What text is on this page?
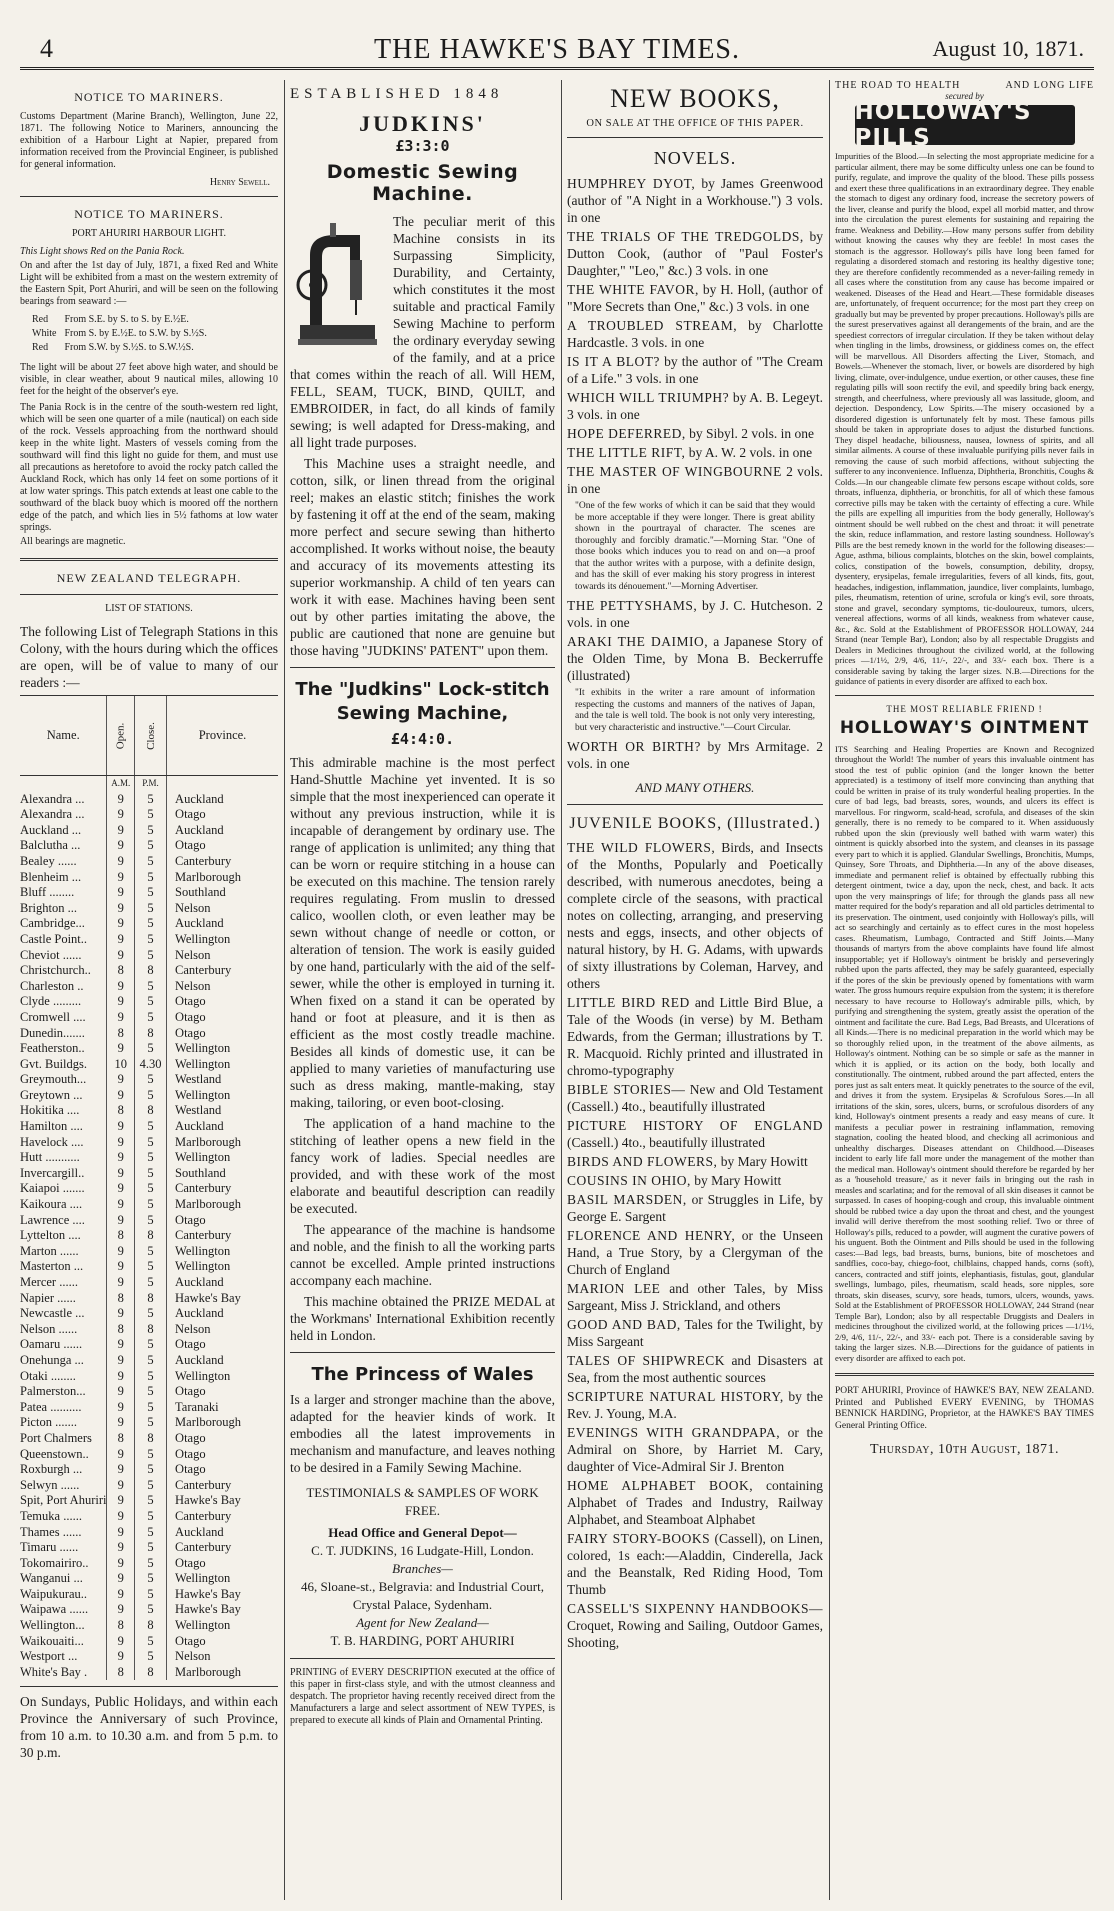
4	THE HAWKE'S BAY TIMES.	August 10, 1871.
NOTICE TO MARINERS.

Customs Department (Marine Branch), Wellington, June 22, 1871. The following Notice to Mariners, announcing the exhibition of a Harbour Light at Napier, prepared from information received from the Provincial Engineer, is published for general information.

Henry Sewell.
NOTICE TO MARINERS.
PORT AHURIRI HARBOUR LIGHT.
This Light shows Red on the Pania Rock.

On and after the 1st day of July, 1871, a fixed Red and White Light will be exhibited from a mast on the western extremity of the Eastern Spit, Port Ahuriri, and will be seen on the following bearings from seaward :—

Red	From S.E. by S. to S. by E.½E.
White	From S. by E.½E. to S.W. by S.½S.
Red	From S.W. by S.½S. to S.W.½S.

The light will be about 27 feet above high water, and should be visible, in clear weather, about 9 nautical miles, allowing 10 feet for the height of the observer's eye.

The Pania Rock is in the centre of the south-western red light, which will be seen one quarter of a mile (nautical) on each side of the rock. Vessels approaching from the northward should keep in the white light. Masters of vessels coming from the southward will find this light no guide for them, and must use all precautions as heretofore to avoid the rocky patch called the Auckland Rock, which has only 14 feet on some portions of it at low water springs. This patch extends at least one cable to the southward of the black buoy which is moored off the northern edge of the patch, and which lies in 5½ fathoms at low water springs.

All bearings are magnetic.

NEW ZEALAND TELEGRAPH.
LIST OF STATIONS.

The following List of Telegraph Stations in this Colony, with the hours during which the offices are open, will be of value to many of our readers :—

Name.	Open.	Close.	Province.
	A.M.	P.M.	
Alexandra ...	9	5	Auckland
Alexandra ...	9	5	Otago
Auckland ...	9	5	Auckland
Balclutha ...	9	5	Otago
Bealey ......	9	5	Canterbury
Blenheim ...	9	5	Marlborough
Bluff ........	9	5	Southland
Brighton ...	9	5	Nelson
Cambridge...	9	5	Auckland
Castle Point..	9	5	Wellington
Cheviot ......	9	5	Nelson
Christchurch..	8	8	Canterbury
Charleston ..	9	5	Nelson
Clyde .........	9	5	Otago
Cromwell ....	9	5	Otago
Dunedin.......	8	8	Otago
Featherston..	9	5	Wellington
Gvt. Buildgs.	10	4.30	Wellington
Greymouth...	9	5	Westland
Greytown ...	9	5	Wellington
Hokitika ....	8	8	Westland
Hamilton ....	9	5	Auckland
Havelock ....	9	5	Marlborough
Hutt ...........	9	5	Wellington
Invercargill..	9	5	Southland
Kaiapoi .......	9	5	Canterbury
Kaikoura ....	9	5	Marlborough
Lawrence ....	9	5	Otago
Lyttelton ....	8	8	Canterbury
Marton ......	9	5	Wellington
Masterton ...	9	5	Wellington
Mercer ......	9	5	Auckland
Napier ......	8	8	Hawke's Bay
Newcastle ...	9	5	Auckland
Nelson ......	8	8	Nelson
Oamaru ......	9	5	Otago
Onehunga ...	9	5	Auckland
Otaki ........	9	5	Wellington
Palmerston...	9	5	Otago
Patea ..........	9	5	Taranaki
Picton .......	9	5	Marlborough
Port Chalmers	8	8	Otago
Queenstown..	9	5	Otago
Roxburgh ...	9	5	Otago
Selwyn ......	9	5	Canterbury
Spit, Port Ahuriri	9	5	Hawke's Bay
Temuka ......	9	5	Canterbury
Thames ......	9	5	Auckland
Timaru ......	9	5	Canterbury
Tokomairiro..	9	5	Otago
Wanganui ...	9	5	Wellington
Waipukurau..	9	5	Hawke's Bay
Waipawa ......	9	5	Hawke's Bay
Wellington...	8	8	Wellington
Waikouaiti...	9	5	Otago
Westport ...	9	5	Nelson
White's Bay .	8	8	Marlborough

On Sundays, Public Holidays, and within each Province the Anniversary of such Province, from 10 a.m. to 10.30 a.m. and from 5 p.m. to 30 p.m.

ESTABLISHED 1848
JUDKINS'
£3:3:0
Domestic Sewing Machine.

The peculiar merit of this Machine consists in its Surpassing Simplicity, Durability, and Certainty, which constitutes it the most suitable and practical Family Sewing Machine to perform the ordinary everyday sewing of the family, and at a price that comes within the reach of all. Will HEM, FELL, SEAM, TUCK, BIND, QUILT, and EMBROIDER, in fact, do all kinds of family sewing; is well adapted for Dress-making, and all light trade purposes.

This Machine uses a straight needle, and cotton, silk, or linen thread from the original reel; makes an elastic stitch; finishes the work by fastening it off at the end of the seam, making more perfect and secure sewing than hitherto accomplished. It works without noise, the beauty and accuracy of its movements attesting its superior workmanship. A child of ten years can work it with ease. Machines having been sent out by other parties imitating the above, the public are cautioned that none are genuine but those having "JUDKINS' PATENT" upon them.

The "Judkins" Lock-stitch Sewing Machine,
£4:4:0.

This admirable machine is the most perfect Hand-Shuttle Machine yet invented. It is so simple that the most inexperienced can operate it without any previous instruction, while it is incapable of derangement by ordinary use. The range of application is unlimited; any thing that can be worn or require stitching in a house can be executed on this machine. The tension rarely requires regulating. From muslin to dressed calico, woollen cloth, or even leather may be sewn without change of needle or cotton, or alteration of tension. The work is easily guided by one hand, particularly with the aid of the self-sewer, while the other is employed in turning it. When fixed on a stand it can be operated by hand or foot at pleasure, and it is then as efficient as the most costly treadle machine. Besides all kinds of domestic use, it can be applied to many varieties of manufacturing use such as dress making, mantle-making, stay making, tailoring, or even boot-closing.

The application of a hand machine to the stitching of leather opens a new field in the fancy work of ladies. Special needles are provided, and with these work of the most elaborate and beautiful description can readily be executed.

The appearance of the machine is handsome and noble, and the finish to all the working parts cannot be excelled. Ample printed instructions accompany each machine.

This machine obtained the PRIZE MEDAL at the Workmans' International Exhibition recently held in London.

The Princess of Wales

Is a larger and stronger machine than the above, adapted for the heavier kinds of work. It embodies all the latest improvements in mechanism and manufacture, and leaves nothing to be desired in a Family Sewing Machine.

TESTIMONIALS & SAMPLES OF WORK FREE.
Head Office and General Depot—
C. T. JUDKINS, 16 Ludgate-Hill, London.
Branches—
46, Sloane-st., Belgravia: and Industrial Court, Crystal Palace, Sydenham.
Agent for New Zealand—
T. B. HARDING, PORT AHURIRI

PRINTING of EVERY DESCRIPTION executed at the office of this paper in first-class style, and with the utmost cleanness and despatch. The proprietor having recently received direct from the Manufacturers a large and select assortment of NEW TYPES, is prepared to execute all kinds of Plain and Ornamental Printing.

NEW BOOKS,
ON SALE AT THE OFFICE OF THIS PAPER.
NOVELS.

HUMPHREY DYOT, by James Greenwood (author of "A Night in a Workhouse.") 3 vols. in one

THE TRIALS OF THE TREDGOLDS, by Dutton Cook, (author of "Paul Foster's Daughter," "Leo," &c.) 3 vols. in one

THE WHITE FAVOR, by H. Holl, (author of "More Secrets than One," &c.) 3 vols. in one

A TROUBLED STREAM, by Charlotte Hardcastle. 3 vols. in one

IS IT A BLOT? by the author of "The Cream of a Life." 3 vols. in one

WHICH WILL TRIUMPH? by A. B. Legeyt. 3 vols. in one

HOPE DEFERRED, by Sibyl. 2 vols. in one

THE LITTLE RIFT, by A. W. 2 vols. in one

THE MASTER OF WINGBOURNE 2 vols. in one

"One of the few works of which it can be said that they would be more acceptable if they were longer. There is great ability shown in the pourtrayal of character. The scenes are thoroughly and forcibly dramatic."—Morning Star. "One of those books which induces you to read on and on—a proof that the author writes with a purpose, with a definite design, and has the skill of ever making his story progress in interest towards its dénouement."—Morning Advertiser.

THE PETTYSHAMS, by J. C. Hutcheson. 2 vols. in one

ARAKI THE DAIMIO, a Japanese Story of the Olden Time, by Mona B. Beckerruffe (illustrated)

"It exhibits in the writer a rare amount of information respecting the customs and manners of the natives of Japan, and the tale is well told. The book is not only very interesting, but very characteristic and instructive."—Court Circular.

WORTH OR BIRTH? by Mrs Armitage. 2 vols. in one

AND MANY OTHERS.
JUVENILE BOOKS, (Illustrated.)

THE WILD FLOWERS, Birds, and Insects of the Months, Popularly and Poetically described, with numerous anecdotes, being a complete circle of the seasons, with practical notes on collecting, arranging, and preserving nests and eggs, insects, and other objects of natural history, by H. G. Adams, with upwards of sixty illustrations by Coleman, Harvey, and others

LITTLE BIRD RED and Little Bird Blue, a Tale of the Woods (in verse) by M. Betham Edwards, from the German; illustrations by T. R. Macquoid. Richly printed and illustrated in chromo-typography

BIBLE STORIES— New and Old Testament (Cassell.) 4to., beautifully illustrated

PICTURE HISTORY OF ENGLAND (Cassell.) 4to., beautifully illustrated

BIRDS AND FLOWERS, by Mary Howitt

COUSINS IN OHIO, by Mary Howitt

BASIL MARSDEN, or Struggles in Life, by George E. Sargent

FLORENCE AND HENRY, or the Unseen Hand, a True Story, by a Clergyman of the Church of England

MARION LEE and other Tales, by Miss Sargeant, Miss J. Strickland, and others

GOOD AND BAD, Tales for the Twilight, by Miss Sargeant

TALES OF SHIPWRECK and Disasters at Sea, from the most authentic sources

SCRIPTURE NATURAL HISTORY, by the Rev. J. Young, M.A.

EVENINGS WITH GRANDPAPA, or the Admiral on Shore, by Harriet M. Cary, daughter of Vice-Admiral Sir J. Brenton

HOME ALPHABET BOOK, containing Alphabet of Trades and Industry, Railway Alphabet, and Steamboat Alphabet

FAIRY STORY-BOOKS (Cassell), on Linen, colored, 1s each:—Aladdin, Cinderella, Jack and the Beanstalk, Red Riding Hood, Tom Thumb

CASSELL'S SIXPENNY HANDBOOKS— Croquet, Rowing and Sailing, Outdoor Games, Shooting,

THE ROAD TO HEALTH	AND LONG LIFE
secured by
HOLLOWAY'S PILLS

Impurities of the Blood.—In selecting the most appropriate medicine for a particular ailment, there may be some difficulty unless one can be found to purify, regulate, and improve the quality of the blood. These pills possess and exert these three qualifications in an extraordinary degree. They enable the stomach to digest any ordinary food, increase the secretory powers of the liver, cleanse and purify the blood, expel all morbid matter, and throw into the circulation the purest elements for sustaining and repairing the frame. Weakness and Debility.—How many persons suffer from debility without knowing the causes why they are feeble! In most cases the stomach is the aggressor. Holloway's pills have long been famed for regulating a disordered stomach and restoring its healthy digestive tone; they are therefore confidently recommended as a never-failing remedy in all cases where the constitution from any cause has become impaired or weakened. Diseases of the Head and Heart.—These formidable diseases are, unfortunately, of frequent occurrence; for the most part they creep on gradually but may be prevented by proper precautions. Holloway's pills are the surest preservatives against all derangements of the brain, and are the speediest correctors of irregular circulation. If they be taken without delay when tingling in the limbs, drowsiness, or giddiness comes on, the effect will be marvellous. All Disorders affecting the Liver, Stomach, and Bowels.—Whenever the stomach, liver, or bowels are disordered by high living, climate, over-indulgence, undue exertion, or other causes, these fine regulating pills will soon rectify the evil, and speedily bring back energy, strength, and cheerfulness, where previously all was lassitude, gloom, and dejection. Despondency, Low Spirits.—The misery occasioned by a disordered digestion is unfortunately felt by most. These famous pills should be taken in appropriate doses to adjust the disturbed functions. They dispel headache, biliousness, nausea, lowness of spirits, and all similar ailments. A course of these invaluable purifying pills never fails in removing the cause of such morbid affections, without subjecting the sufferer to any inconvenience. Influenza, Diphtheria, Bronchitis, Coughs & Colds.—In our changeable climate few persons escape without colds, sore throats, influenza, diphtheria, or bronchitis, for all of which these famous corrective pills may be taken with the certainty of effecting a cure. While the pills are expelling all impurities from the body generally, Holloway's ointment should be well rubbed on the chest and throat: it will penetrate the skin, reduce inflammation, and restore lasting soundness. Holloway's Pills are the best remedy known in the world for the following diseases:—Ague, asthma, bilious complaints, blotches on the skin, bowel complaints, colics, constipation of the bowels, consumption, debility, dropsy, dysentery, erysipelas, female irregularities, fevers of all kinds, fits, gout, headaches, indigestion, inflammation, jaundice, liver complaints, lumbago, piles, rheumatism, retention of urine, scrofula or king's evil, sore throats, stone and gravel, secondary symptoms, tic-douloureux, tumors, ulcers, venereal affections, worms of all kinds, weakness from whatever cause, &c., &c. Sold at the Establishment of PROFESSOR HOLLOWAY, 244 Strand (near Temple Bar), London; also by all respectable Druggists and Dealers in Medicines throughout the civilized world, at the following prices —1/1½, 2/9, 4/6, 11/-, 22/-, and 33/- each box. There is a considerable saving by taking the larger sizes. N.B.—Directions for the guidance of patients in every disorder are affixed to each box.

THE MOST RELIABLE FRIEND !
HOLLOWAY'S OINTMENT

ITS Searching and Healing Properties are Known and Recognized throughout the World! The number of years this invaluable ointment has stood the test of public opinion (and the longer known the better appreciated) is a testimony of itself more convincing than anything that could be written in praise of its truly wonderful healing properties. In the cure of bad legs, bad breasts, sores, wounds, and ulcers its effect is marvellous. For ringworm, scald-head, scrofula, and diseases of the skin generally, there is no remedy to be compared to it. When assiduously rubbed upon the skin (previously well bathed with warm water) this ointment is quickly absorbed into the system, and cleanses in its passage every part to which it is applied. Glandular Swellings, Bronchitis, Mumps, Quinsey, Sore Throats, and Diphtheria.—In any of the above diseases, immediate and permanent relief is obtained by effectually rubbing this detergent ointment, twice a day, upon the neck, chest, and back. It acts upon the very mainsprings of life; for through the glands pass all new matter required for the body's reparation and all old particles detrimental to its preservation. The ointment, used conjointly with Holloway's pills, will act so searchingly and certainly as to effect cures in the most hopeless cases. Rheumatism, Lumbago, Contracted and Stiff Joints.—Many thousands of martyrs from the above complaints have found life almost insupportable; yet if Holloway's ointment be briskly and perseveringly rubbed upon the parts affected, they may be safely guaranteed, especially if the pores of the skin be previously opened by fomentations with warm water. The gross humours require expulsion from the system; it is therefore necessary to have recourse to Holloway's admirable pills, which, by purifying and strengthening the system, greatly assist the operation of the ointment and facilitate the cure. Bad Legs, Bad Breasts, and Ulcerations of all Kinds.—There is no medicinal preparation in the world which may be so thoroughly relied upon, in the treatment of the above ailments, as Holloway's ointment. Nothing can be so simple or safe as the manner in which it is applied, or its action on the body, both locally and constitutionally. The ointment, rubbed around the part affected, enters the pores just as salt enters meat. It quickly penetrates to the source of the evil, and drives it from the system. Erysipelas & Scrofulous Sores.—In all irritations of the skin, sores, ulcers, burns, or scrofulous disorders of any kind, Holloway's ointment presents a ready and easy means of cure. It manifests a peculiar power in restraining inflammation, removing stagnation, cooling the heated blood, and checking all acrimonious and unhealthy discharges. Diseases attendant on Childhood.—Diseases incident to early life fall more under the management of the mother than the medical man. Holloway's ointment should therefore be regarded by her as a 'household treasure,' as it never fails in bringing out the rash in measles and scarlatina; and for the removal of all skin diseases it cannot be surpassed. In cases of hooping-cough and croup, this invaluable ointment should be rubbed twice a day upon the throat and chest, and the youngest invalid will derive therefrom the most soothing relief. Two or three of Holloway's pills, reduced to a powder, will augment the curative powers of his unguent. Both the Ointment and Pills should be used in the following cases:—Bad legs, bad breasts, burns, bunions, bite of moschetoes and sandflies, coco-bay, chiego-foot, chilblains, chapped hands, corns (soft), cancers, contracted and stiff joints, elephantiasis, fistulas, gout, glandular swellings, lumbago, piles, rheumatism, scald heads, sore nipples, sore throats, skin diseases, scurvy, sore heads, tumors, ulcers, wounds, yaws. Sold at the Establishment of PROFESSOR HOLLOWAY, 244 Strand (near Temple Bar), London; also by all respectable Druggists and Dealers in medicines throughout the civilized world, at the following prices —1/1½, 2/9, 4/6, 11/-, 22/-, and 33/- each pot. There is a considerable saving by taking the larger sizes. N.B.—Directions for the guidance of patients in every disorder are affixed to each pot.

PORT AHURIRI, Province of HAWKE'S BAY, NEW ZEALAND. Printed and Published EVERY EVENING, by THOMAS BENNICK HARDING, Proprietor, at the HAWKE'S BAY TIMES General Printing Office.

Thursday, 10th August, 1871.
